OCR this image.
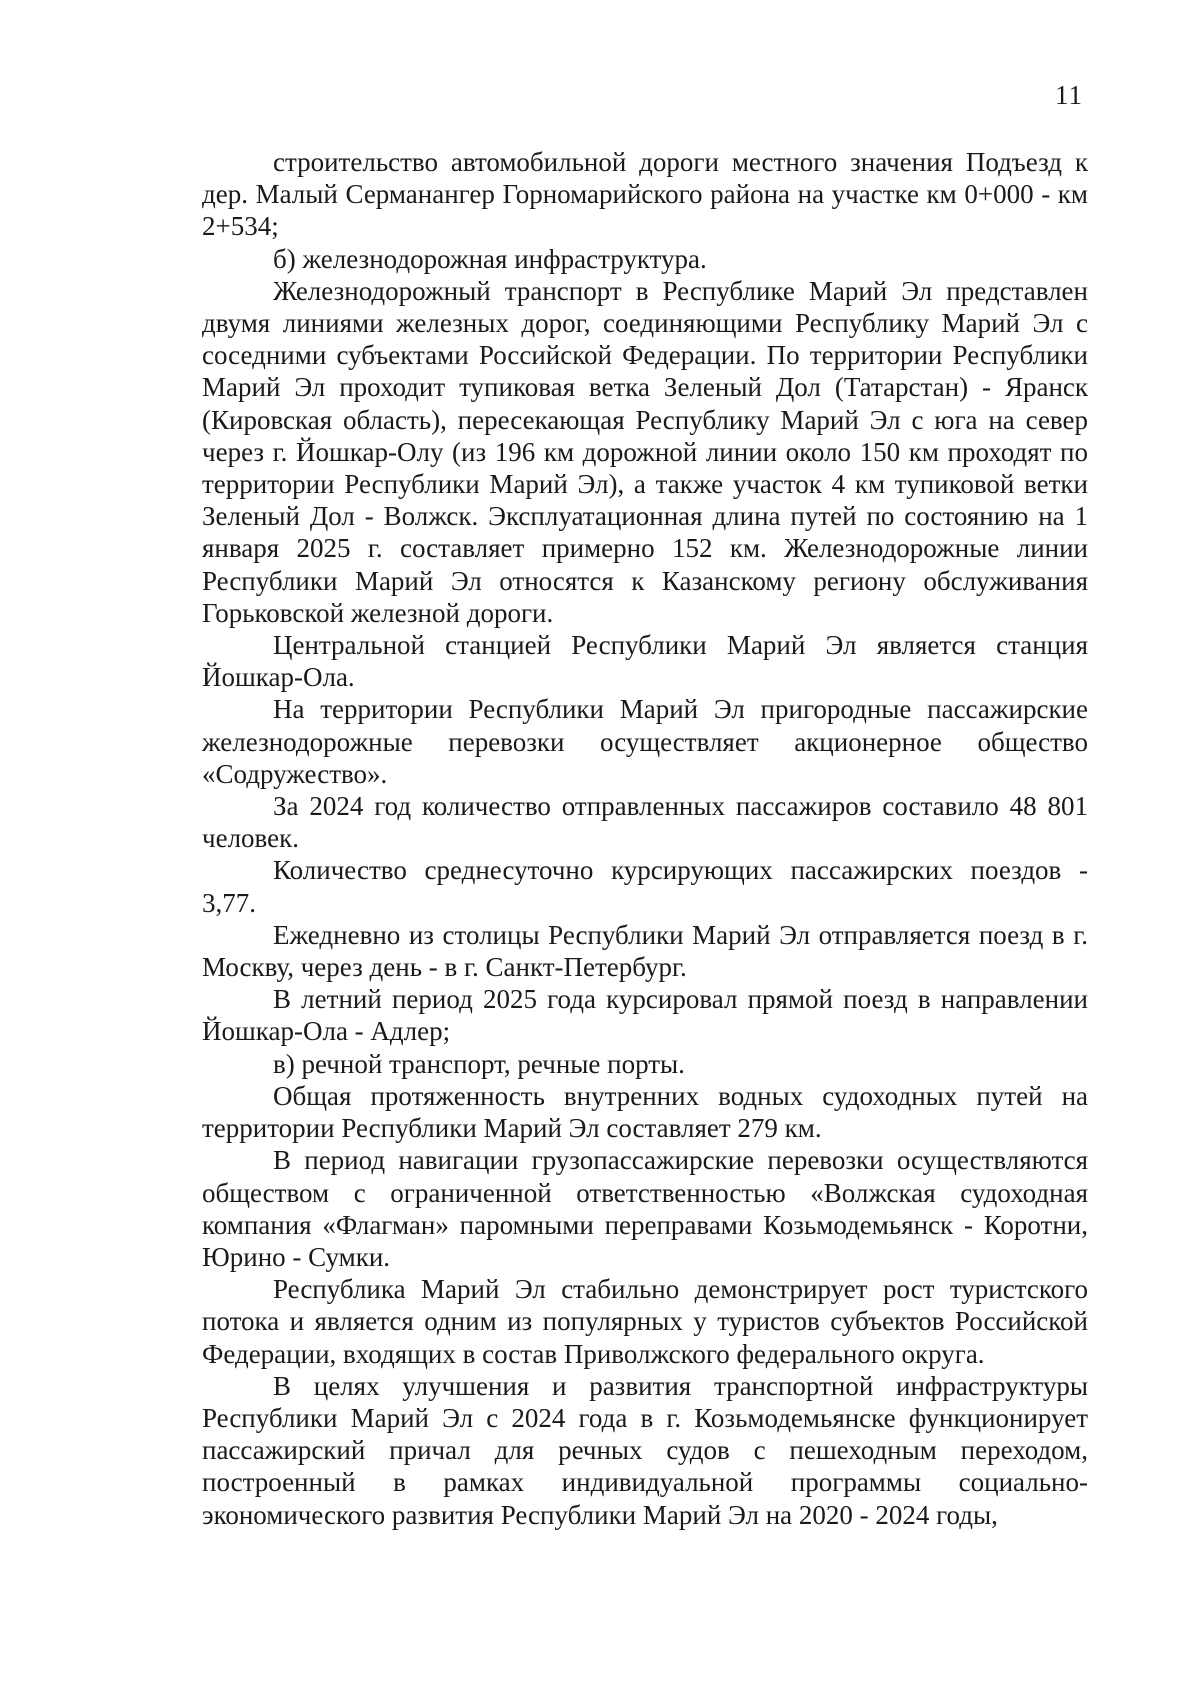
11

строительство автомобильной дороги местного значения Подъезд к дер. Малый Серманангер Горномарийского района на участке км 0+000 - км 2+534;

б) железнодорожная инфраструктура.

Железнодорожный транспорт в Республике Марий Эл представлен двумя линиями железных дорог, соединяющими Республику Марий Эл с соседними субъектами Российской Федерации. По территории Республики Марий Эл проходит тупиковая ветка Зеленый Дол (Татарстан) - Яранск (Кировская область), пересекающая Республику Марий Эл с юга на север через г. Йошкар-Олу (из 196 км дорожной линии около 150 км проходят по территории Республики Марий Эл), а также участок 4 км тупиковой ветки Зеленый Дол - Волжск. Эксплуатационная длина путей по состоянию на 1 января 2025 г. составляет примерно 152 км. Железнодорожные линии Республики Марий Эл относятся к Казанскому региону обслуживания Горьковской железной дороги.

Центральной станцией Республики Марий Эл является станция Йошкар-Ола.

На территории Республики Марий Эл пригородные пассажирские железнодорожные перевозки осуществляет акционерное общество «Содружество».

За 2024 год количество отправленных пассажиров составило 48 801 человек.

Количество среднесуточно курсирующих пассажирских поездов - 3,77.

Ежедневно из столицы Республики Марий Эл отправляется поезд в г. Москву, через день - в г. Санкт-Петербург.

В летний период 2025 года курсировал прямой поезд в направлении Йошкар-Ола - Адлер;

в) речной транспорт, речные порты.

Общая протяженность внутренних водных судоходных путей на территории Республики Марий Эл составляет 279 км.

В период навигации грузопассажирские перевозки осуществляются обществом с ограниченной ответственностью «Волжская судоходная компания «Флагман» паромными переправами Козьмодемьянск - Коротни, Юрино - Сумки.

Республика Марий Эл стабильно демонстрирует рост туристского потока и является одним из популярных у туристов субъектов Российской Федерации, входящих в состав Приволжского федерального округа.

В целях улучшения и развития транспортной инфраструктуры Республики Марий Эл с 2024 года в г. Козьмодемьянске функционирует пассажирский причал для речных судов с пешеходным переходом, построенный в рамках индивидуальной программы социально-экономического развития Республики Марий Эл на 2020 - 2024 годы,
